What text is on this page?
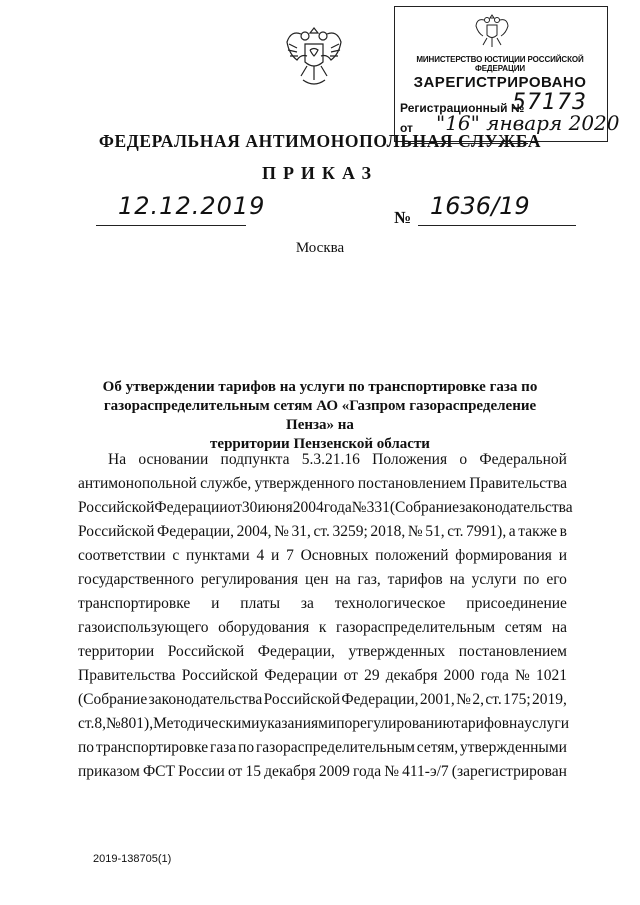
МИНИСТЕРСТВО ЮСТИЦИИ РОССИЙСКОЙ ФЕДЕРАЦИИ
ЗАРЕГИСТРИРОВАНО
Регистрационный №
57173
от "16" января 2020
ФЕДЕРАЛЬНАЯ АНТИМОНОПОЛЬНАЯ СЛУЖБА
ПРИКАЗ
12.12.2019	№ 1636/19
Москва
Об утверждении тарифов на услуги по транспортировке газа по
газораспределительным сетям АО «Газпром газораспределение Пенза» на
территории Пензенской области
На основании подпункта 5.3.21.16 Положения о Федеральной
антимонопольной службе, утвержденного постановлением Правительства
Российской Федерации от 30 июня 2004 года № 331 (Собрание законодательства
Российской Федерации, 2004, № 31, ст. 3259; 2018, № 51, ст. 7991), а также в
соответствии с пунктами 4 и 7 Основных положений формирования и
государственного регулирования цен на газ, тарифов на услуги по его
транспортировке и платы за технологическое присоединение
газоиспользующего оборудования к газораспределительным сетям на
территории Российской Федерации, утвержденных постановлением
Правительства Российской Федерации от 29 декабря 2000 года № 1021
(Собрание законодательства Российской Федерации, 2001, № 2, ст. 175; 2019,
ст. 8, № 801), Методическими указаниями по регулированию тарифов на услуги
по транспортировке газа по газораспределительным сетям, утвержденными
приказом ФСТ России от 15 декабря 2009 года № 411-э/7 (зарегистрирован
2019-138705(1)
